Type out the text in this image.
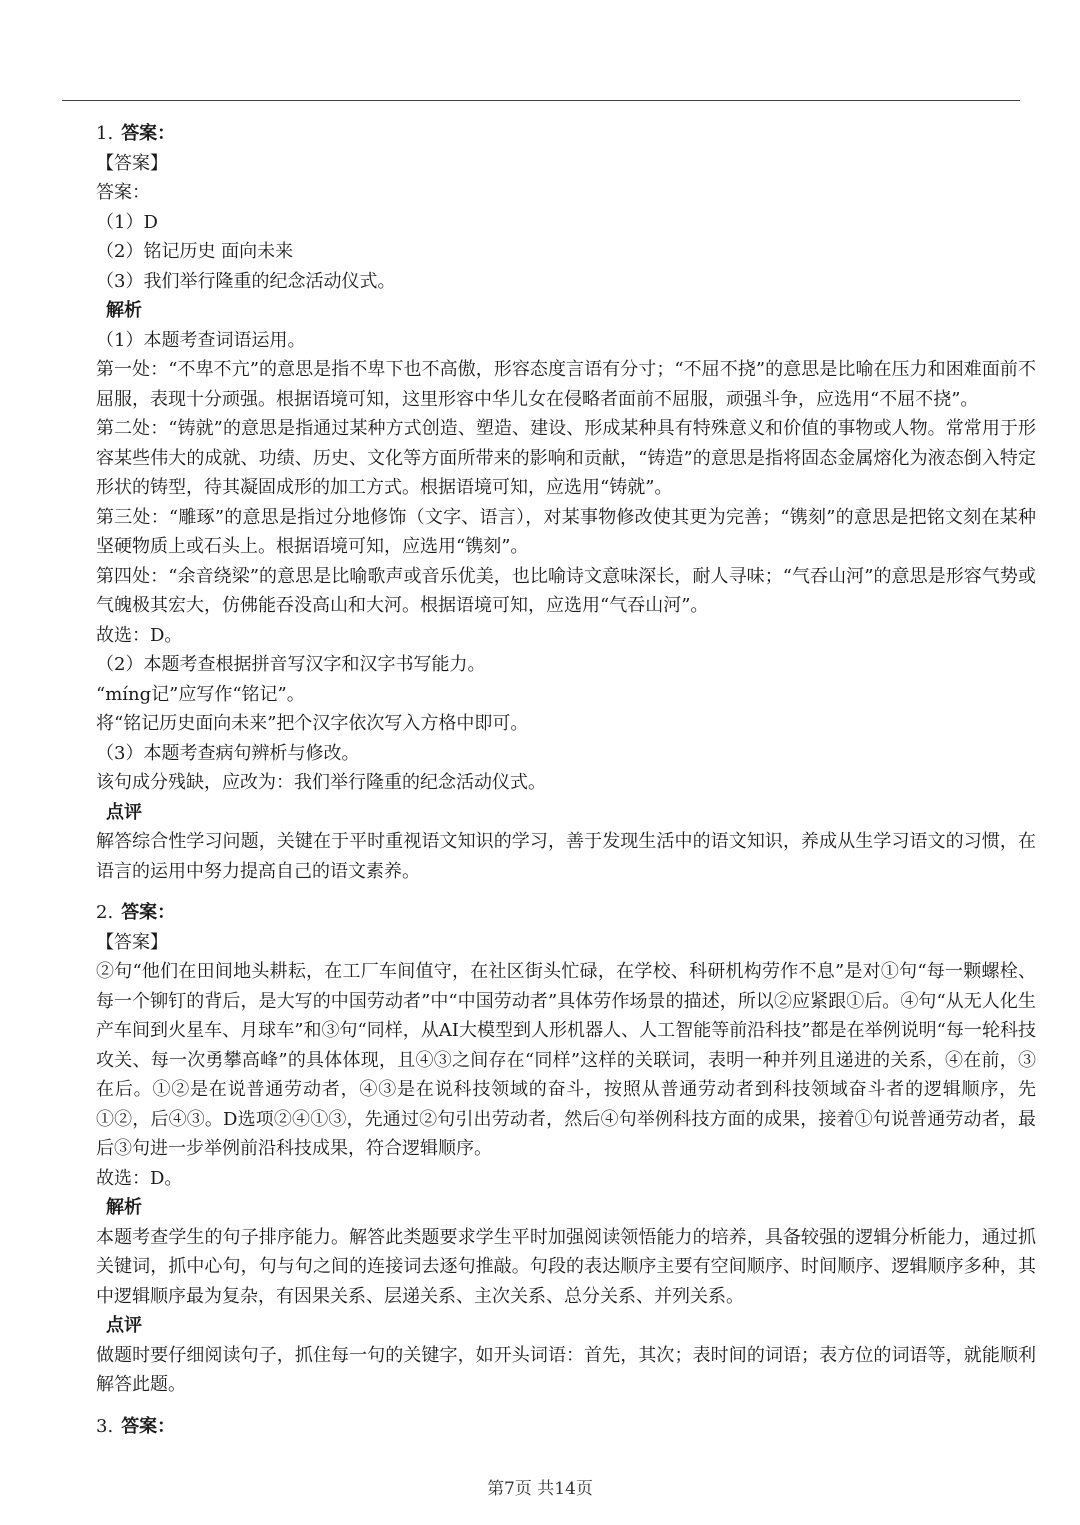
1. 答案：
【答案】
答案：
（1）D
（2）铭记历史 面向未来
（3）我们举行隆重的纪念活动仪式。
解析
（1）本题考查词语运用。
第一处：“不卑不亢”的意思是指不卑下也不高傲，形容态度言语有分寸；“不屈不挠”的意思是比喻在压力和困难面前不屈服，表现十分顽强。根据语境可知，这里形容中华儿女在侵略者面前不屈服，顽强斗争，应选用“不屈不挠”。
第二处：“铸就”的意思是指通过某种方式创造、塑造、建设、形成某种具有特殊意义和价值的事物或人物。常常用于形容某些伟大的成就、功绩、历史、文化等方面所带来的影响和贡献，“铸造”的意思是指将固态金属熔化为液态倒入特定形状的铸型，待其凝固成形的加工方式。根据语境可知，应选用“铸就”。
第三处：“雕琢”的意思是指过分地修饰（文字、语言），对某事物修改使其更为完善；“镌刻”的意思是把铭文刻在某种坚硬物质上或石头上。根据语境可知，应选用“镌刻”。
第四处：“余音绕梁”的意思是比喻歌声或音乐优美，也比喻诗文意味深长，耐人寻味；“气吞山河”的意思是形容气势或气魄极其宏大，仿佛能吞没高山和大河。根据语境可知，应选用“气吞山河”。
故选：D。
（2）本题考查根据拼音写汉字和汉字书写能力。
“míng记”应写作“铭记”。
将“铭记历史面向未来”把个汉字依次写入方格中即可。
（3）本题考查病句辨析与修改。
该句成分残缺，应改为：我们举行隆重的纪念活动仪式。
点评
解答综合性学习问题，关键在于平时重视语文知识的学习，善于发现生活中的语文知识，养成从生学习语文的习惯，在语言的运用中努力提高自己的语文素养。
2. 答案：
【答案】
②句“他们在田间地头耕耘，在工厂车间值守，在社区街头忙碌，在学校、科研机构劳作不息”是对①句“每一颗螺栓、每一个铆钉的背后，是大写的中国劳动者”中“中国劳动者”具体劳作场景的描述，所以②应紧跟①后。④句“从无人化生产车间到火星车、月球车”和③句“同样，从AI大模型到人形机器人、人工智能等前沿科技”都是在举例说明“每一轮科技攻关、每一次勇攀高峰”的具体体现，且④③之间存在“同样”这样的关联词，表明一种并列且递进的关系，④在前，③在后。①②是在说普通劳动者，④③是在说科技领域的奋斗，按照从普通劳动者到科技领域奋斗者的逻辑顺序，先①②，后④③。D选项②④①③，先通过②句引出劳动者，然后④句举例科技方面的成果，接着①句说普通劳动者，最后③句进一步举例前沿科技成果，符合逻辑顺序。
故选：D。
解析
本题考查学生的句子排序能力。解答此类题要求学生平时加强阅读领悟能力的培养，具备较强的逻辑分析能力，通过抓关键词，抓中心句，句与句之间的连接词去逐句推敲。句段的表达顺序主要有空间顺序、时间顺序、逻辑顺序多种，其中逻辑顺序最为复杂，有因果关系、层递关系、主次关系、总分关系、并列关系。
点评
做题时要仔细阅读句子，抓住每一句的关键字，如开头词语：首先，其次；表时间的词语；表方位的词语等，就能顺利解答此题。
3. 答案：
第7页 共14页
